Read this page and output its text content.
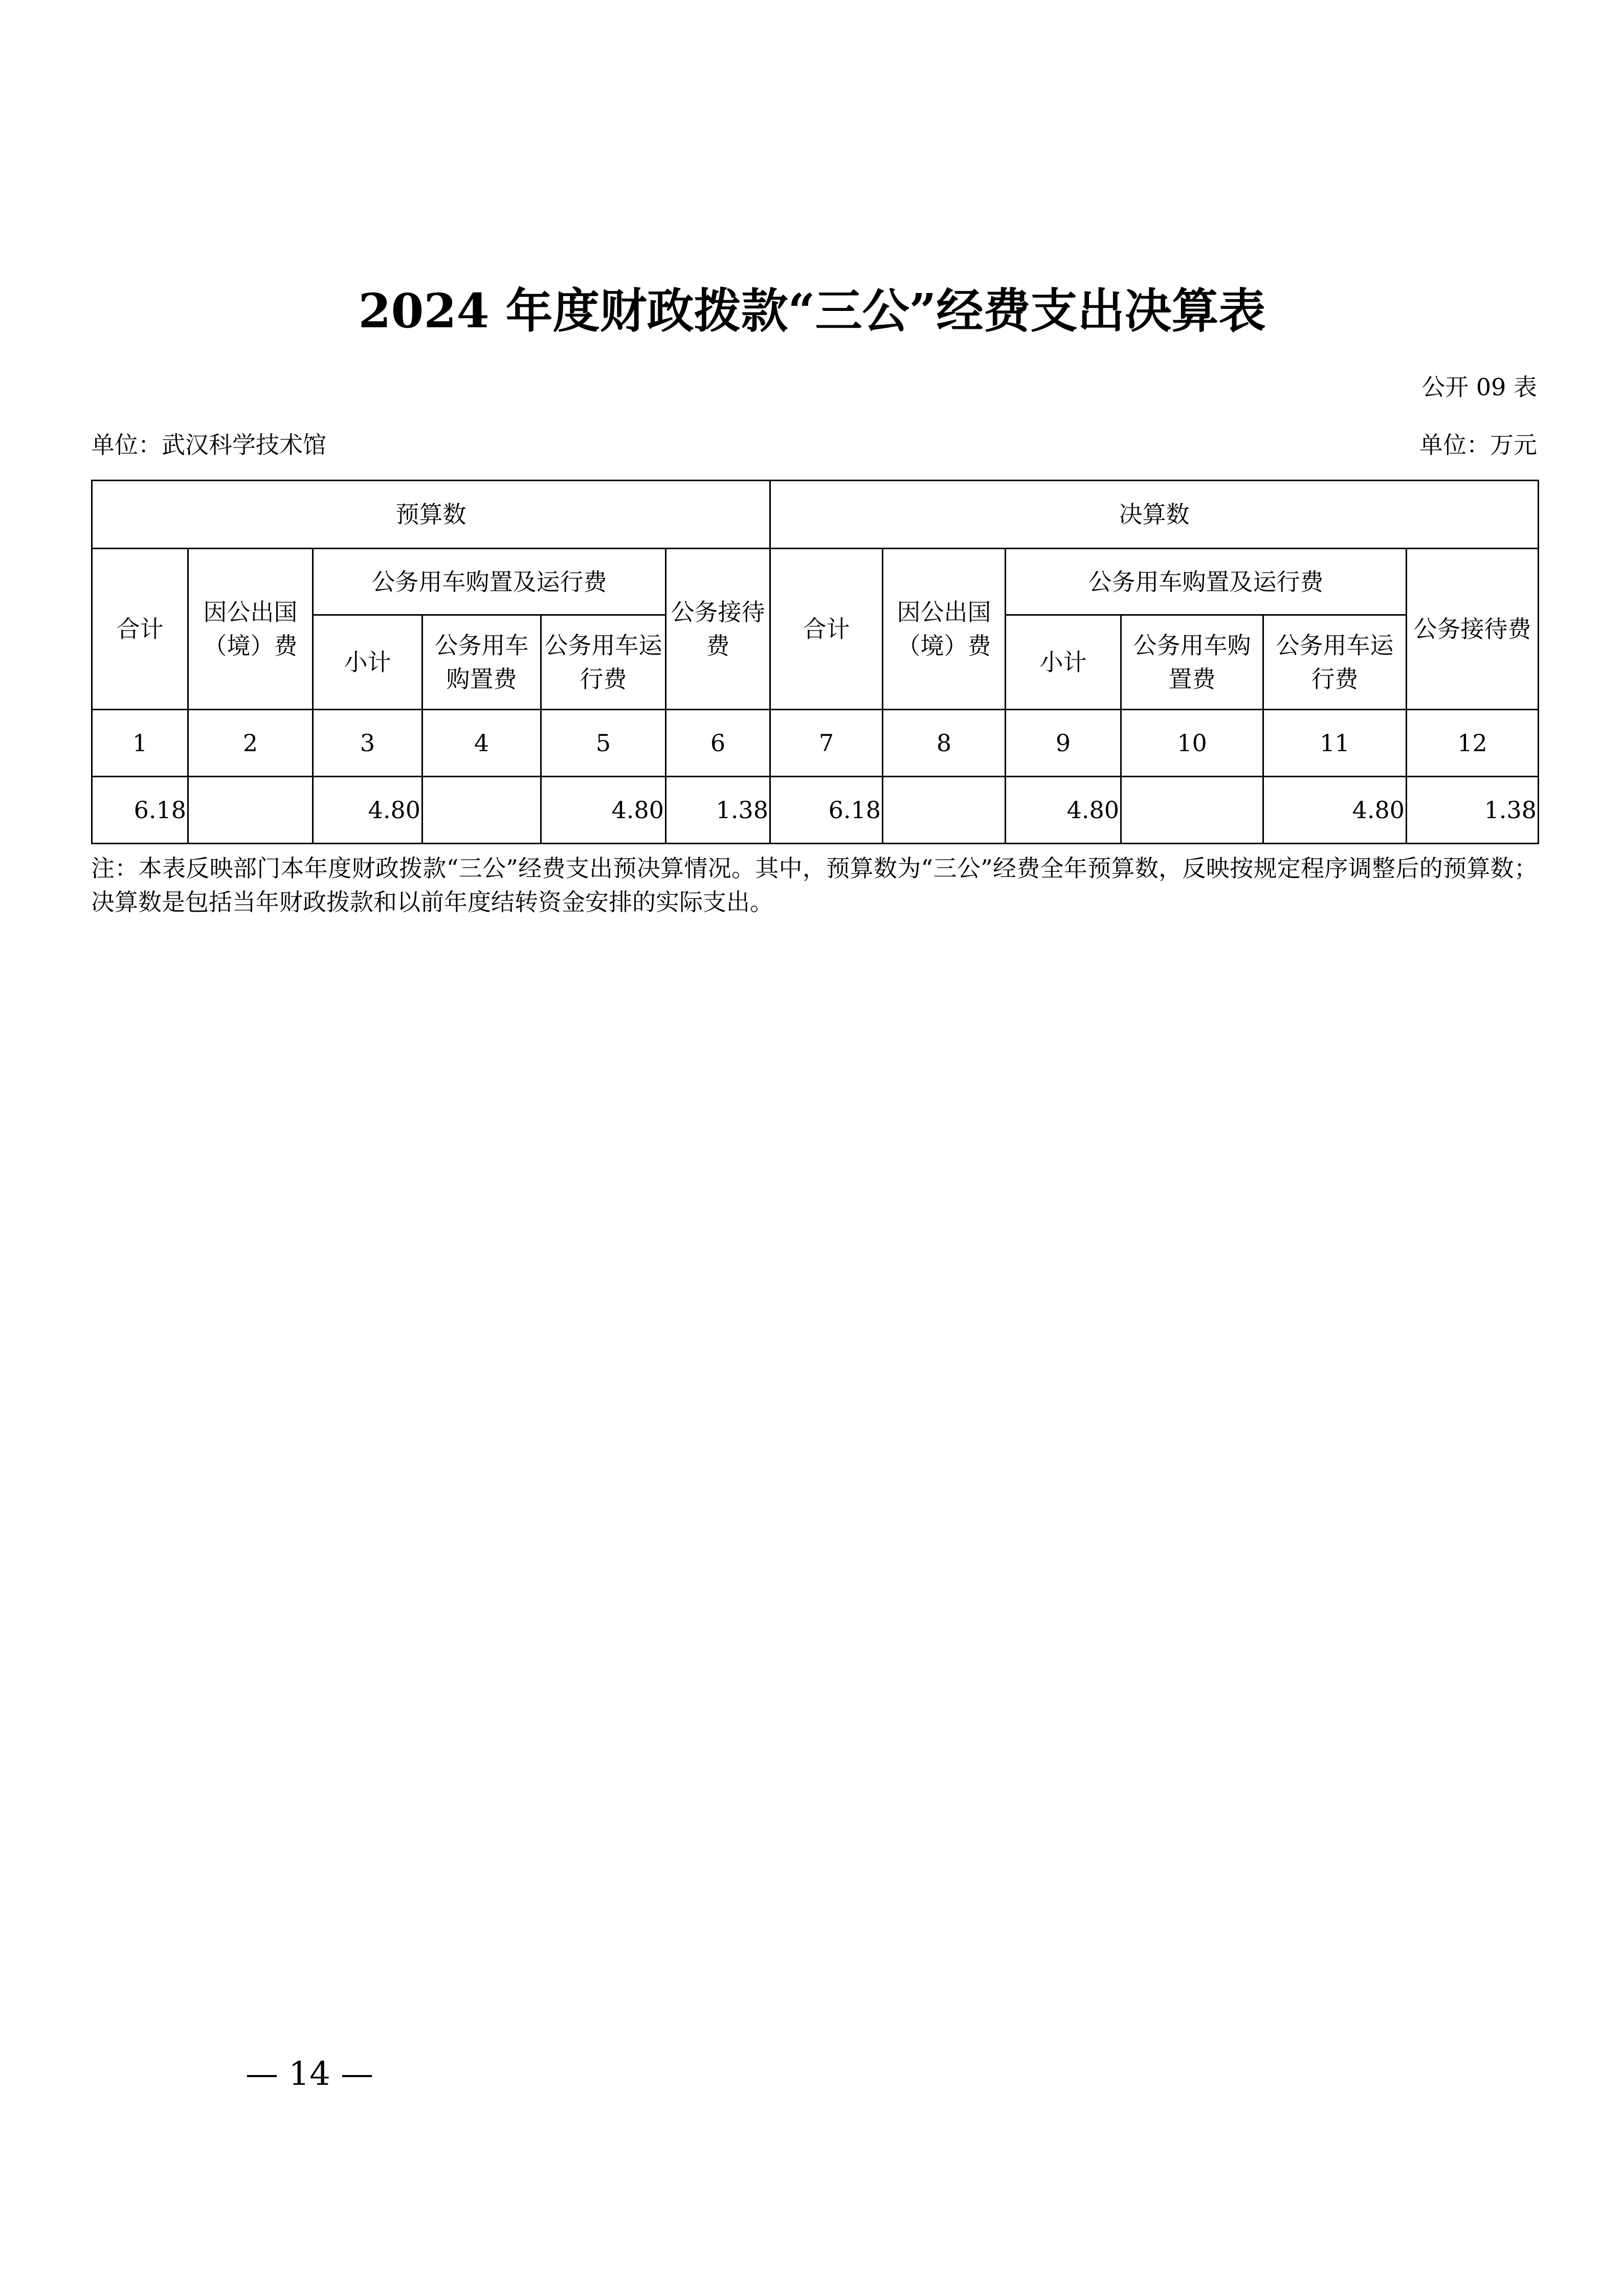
2024 年度财政拨款“三公”经费支出决算表
公开 09 表
单位：武汉科学技术馆	单位：万元
预算数						决算数					
合计	因公出国（境）费	公务用车购置及运行费			公务接待费	合计	因公出国（境）费	公务用车购置及运行费			公务接待费
		小计	公务用车购置费	公务用车运行费				小计	公务用车购置费	公务用车运行费	
1	2	3	4	5	6	7	8	9	10	11	12
6.18		4.80		4.80	1.38	6.18		4.80		4.80	1.38
注：本表反映部门本年度财政拨款“三公”经费支出预决算情况。其中，预算数为“三公”经费全年预算数，反映按规定程序调整后的预算数；决算数是包括当年财政拨款和以前年度结转资金安排的实际支出。
— 14 —
